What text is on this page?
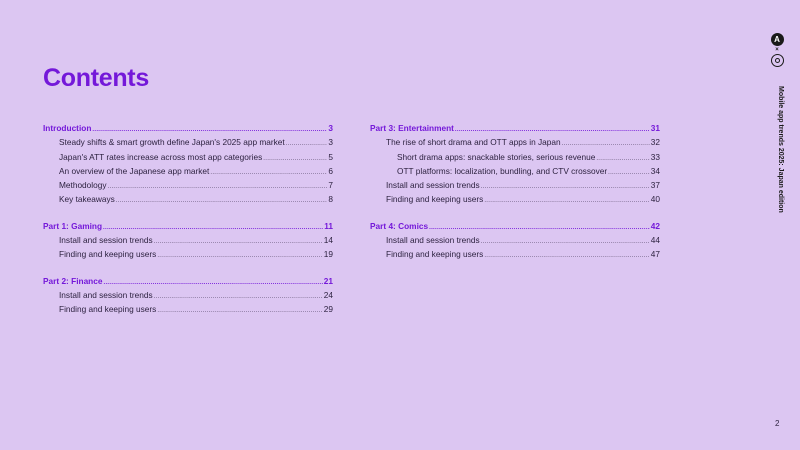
Contents
Introduction .....	3
Steady shifts & smart growth define Japan's 2025 app market .....	3
Japan's ATT rates increase across most app categories .....	5
An overview of the Japanese app market .....	6
Methodology .....	7
Key takeaways .....	8
Part 1: Gaming .....	11
Install and session trends .....	14
Finding and keeping users .....	19
Part 2: Finance .....	21
Install and session trends .....	24
Finding and keeping users .....	29
Part 3: Entertainment .....	31
The rise of short drama and OTT apps in Japan .....	32
Short drama apps: snackable stories, serious revenue .....	33
OTT platforms: localization, bundling, and CTV crossover .....	34
Install and session trends .....	37
Finding and keeping users .....	40
Part 4: Comics .....	42
Install and session trends .....	44
Finding and keeping users .....	47
A
×
Mobile app trends 2025: Japan edition
2
